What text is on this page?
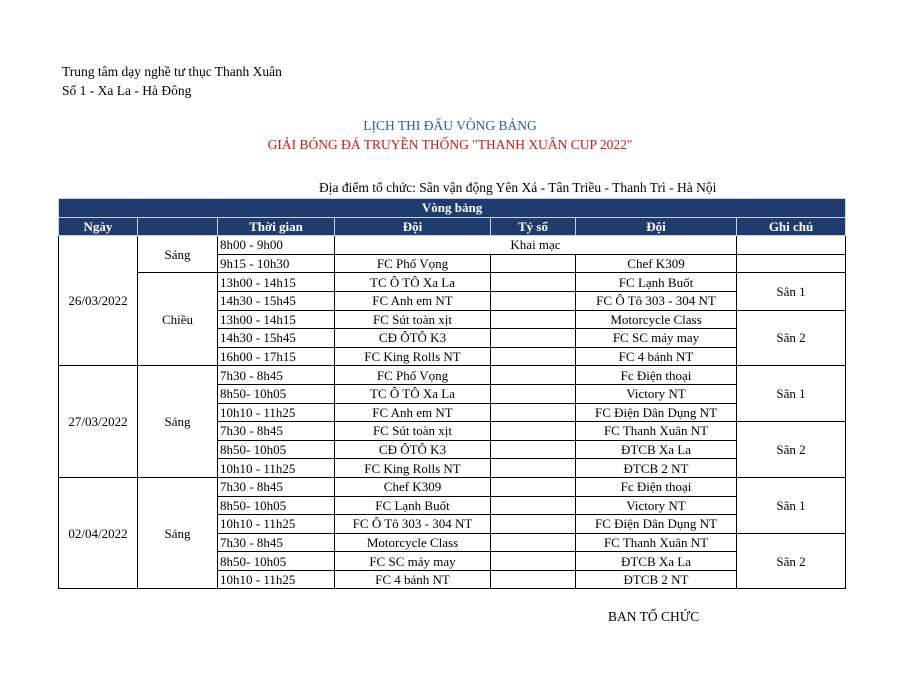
Trung tâm dạy nghề tư thục Thanh Xuân
Số 1 - Xa La - Hà Đông
LỊCH THI ĐẤU VÒNG BẢNG
GIẢI BÓNG ĐÁ TRUYỀN THỐNG "THANH XUÂN CUP 2022"
Địa điểm tổ chức: Sân vận động Yên Xá - Tân Triều - Thanh Trì - Hà Nội
Vòng bảng						
Ngày		Thời gian	Đội	Tỷ số	Đội	Ghi chú
26/03/2022	Sáng	8h00 - 9h00	Khai mạc			
		9h15 - 10h30	FC Phố Vọng		Chef K309	
	Chiều	13h00 - 14h15	TC Ô TÔ Xa La		FC Lạnh Buốt	Sân 1
		14h30 - 15h45	FC Anh em NT		FC Ô Tô 303 - 304 NT	
		13h00 - 14h15	FC Sút toàn xịt		Motorcycle Class	Sân 2
		14h30 - 15h45	CĐ ÔTÔ K3		FC SC máy may	
		16h00 - 17h15	FC King Rolls NT		FC 4 bánh NT	
27/03/2022	Sáng	7h30 - 8h45	FC Phố Vọng		Fc Điện thoại	Sân 1
		8h50- 10h05	TC Ô TÔ Xa La		Victory NT	
		10h10 - 11h25	FC Anh em NT		FC Điện Dân Dụng NT	
		7h30 - 8h45	FC Sút toàn xịt		FC Thanh Xuân NT	Sân 2
		8h50- 10h05	CĐ ÔTÔ K3		ĐTCB Xa La	
		10h10 - 11h25	FC King Rolls NT		ĐTCB 2 NT	
02/04/2022	Sáng	7h30 - 8h45	Chef K309		Fc Điện thoại	Sân 1
		8h50- 10h05	FC Lạnh Buốt		Victory NT	
		10h10 - 11h25	FC Ô Tô 303 - 304 NT		FC Điện Dân Dụng NT	
		7h30 - 8h45	Motorcycle Class		FC Thanh Xuân NT	Sân 2
		8h50- 10h05	FC SC máy may		ĐTCB Xa La	
		10h10 - 11h25	FC 4 bánh NT		ĐTCB 2 NT	
BAN TỔ CHỨC
